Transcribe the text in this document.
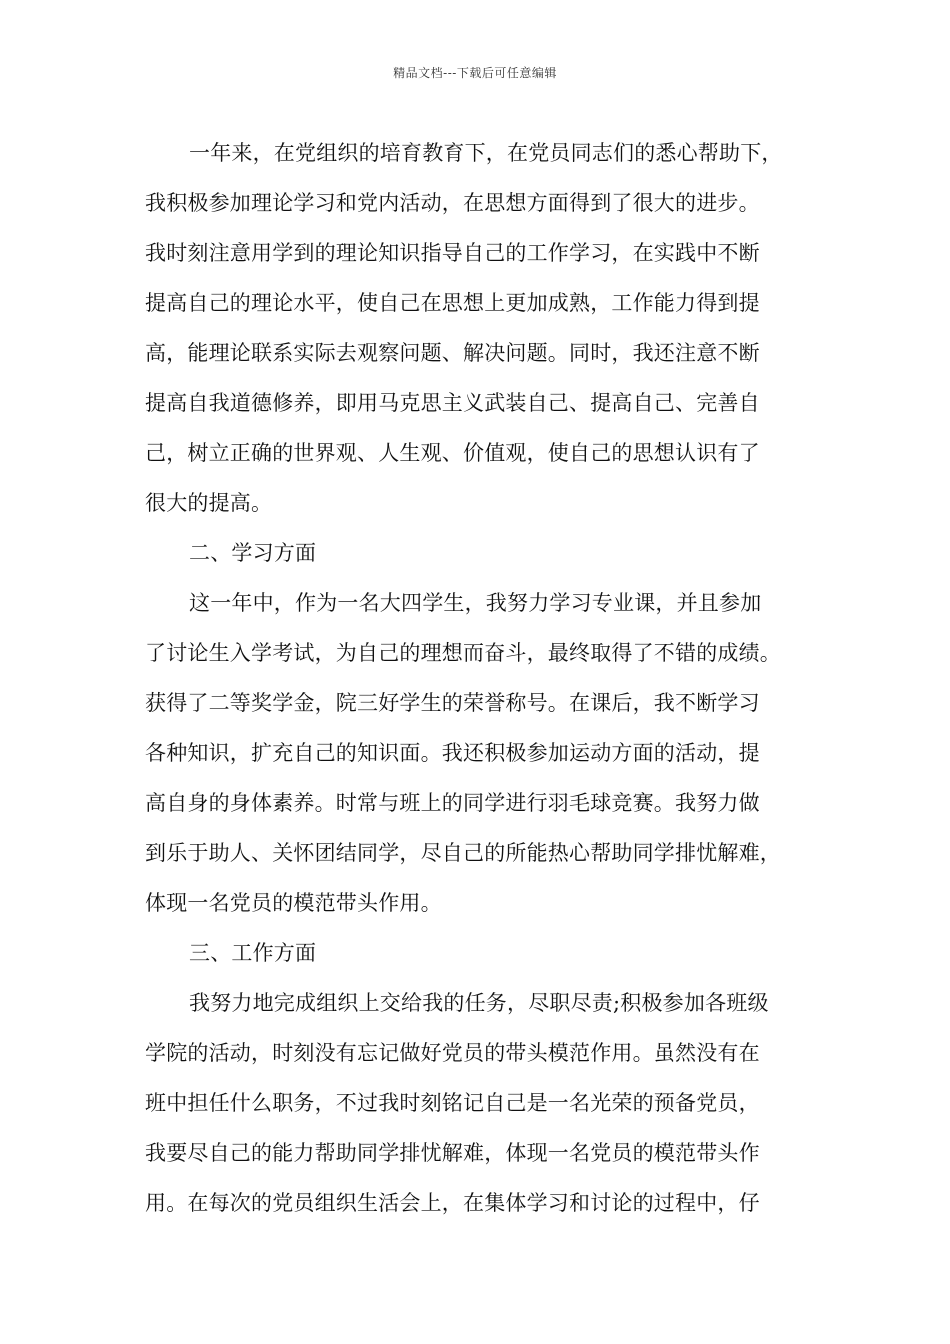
精品文档---下载后可任意编辑
一年来，在党组织的培育教育下，在党员同志们的悉心帮助下，
我积极参加理论学习和党内活动，在思想方面得到了很大的进步。
我时刻注意用学到的理论知识指导自己的工作学习，在实践中不断
提高自己的理论水平，使自己在思想上更加成熟，工作能力得到提
高，能理论联系实际去观察问题、解决问题。同时，我还注意不断
提高自我道德修养，即用马克思主义武装自己、提高自己、完善自
己，树立正确的世界观、人生观、价值观，使自己的思想认识有了
很大的提高。
二、学习方面
这一年中，作为一名大四学生，我努力学习专业课，并且参加
了讨论生入学考试，为自己的理想而奋斗，最终取得了不错的成绩。
获得了二等奖学金，院三好学生的荣誉称号。在课后，我不断学习
各种知识，扩充自己的知识面。我还积极参加运动方面的活动，提
高自身的身体素养。时常与班上的同学进行羽毛球竞赛。我努力做
到乐于助人、关怀团结同学，尽自己的所能热心帮助同学排忧解难，
体现一名党员的模范带头作用。
三、工作方面
我努力地完成组织上交给我的任务，尽职尽责;积极参加各班级
学院的活动，时刻没有忘记做好党员的带头模范作用。虽然没有在
班中担任什么职务，不过我时刻铭记自己是一名光荣的预备党员，
我要尽自己的能力帮助同学排忧解难，体现一名党员的模范带头作
用。在每次的党员组织生活会上，在集体学习和讨论的过程中，仔
